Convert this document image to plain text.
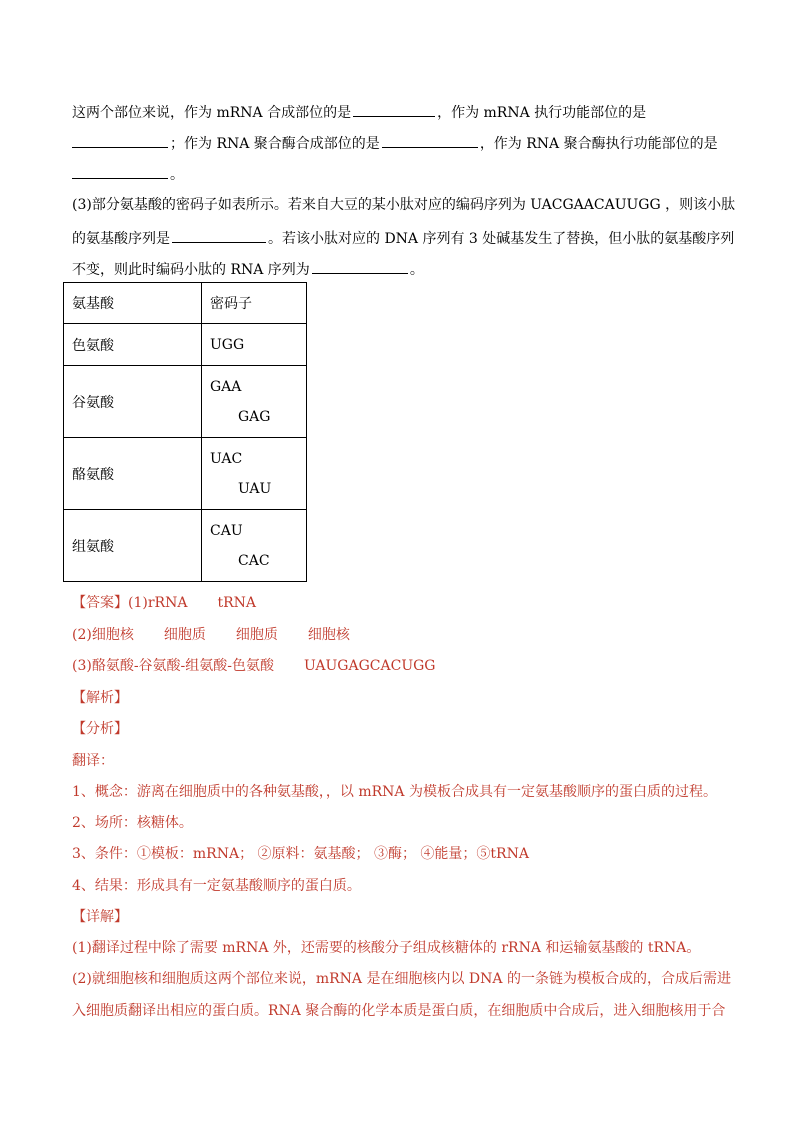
这两个部位来说，作为 mRNA 合成部位的是	，作为 mRNA 执行功能部位的是
；作为 RNA 聚合酶合成部位的是	，作为 RNA 聚合酶执行功能部位的是
。
(3)部分氨基酸的密码子如表所示。若来自大豆的某小肽对应的编码序列为 UACGAACAUUGG ，则该小肽
的氨基酸序列是	。若该小肽对应的 DNA 序列有 3 处碱基发生了替换，但小肽的氨基酸序列
不变，则此时编码小肽的 RNA 序列为	。
氨基酸	密码子
色氨酸	UGG

谷氨酸	GAA
GAG

酪氨酸	UAC
UAU

组氨酸	CAU
CAC
【答案】(1)rRNA tRNA
(2)细胞核 细胞质 细胞质 细胞核
(3)酪氨酸-谷氨酸-组氨酸-色氨酸 UAUGAGCACUGG
【解析】
【分析】
翻译：
1、概念：游离在细胞质中的各种氨基酸，，以 mRNA 为模板合成具有一定氨基酸顺序的蛋白质的过程。
2、场所：核糖体。
3、条件：①模板：mRNA； ②原料：氨基酸； ③酶； ④能量；⑤tRNA
4、结果：形成具有一定氨基酸顺序的蛋白质。
【详解】
(1)翻译过程中除了需要 mRNA 外，还需要的核酸分子组成核糖体的 rRNA 和运输氨基酸的 tRNA。
(2)就细胞核和细胞质这两个部位来说，mRNA 是在细胞核内以 DNA 的一条链为模板合成的，合成后需进
入细胞质翻译出相应的蛋白质。RNA 聚合酶的化学本质是蛋白质，在细胞质中合成后，进入细胞核用于合
